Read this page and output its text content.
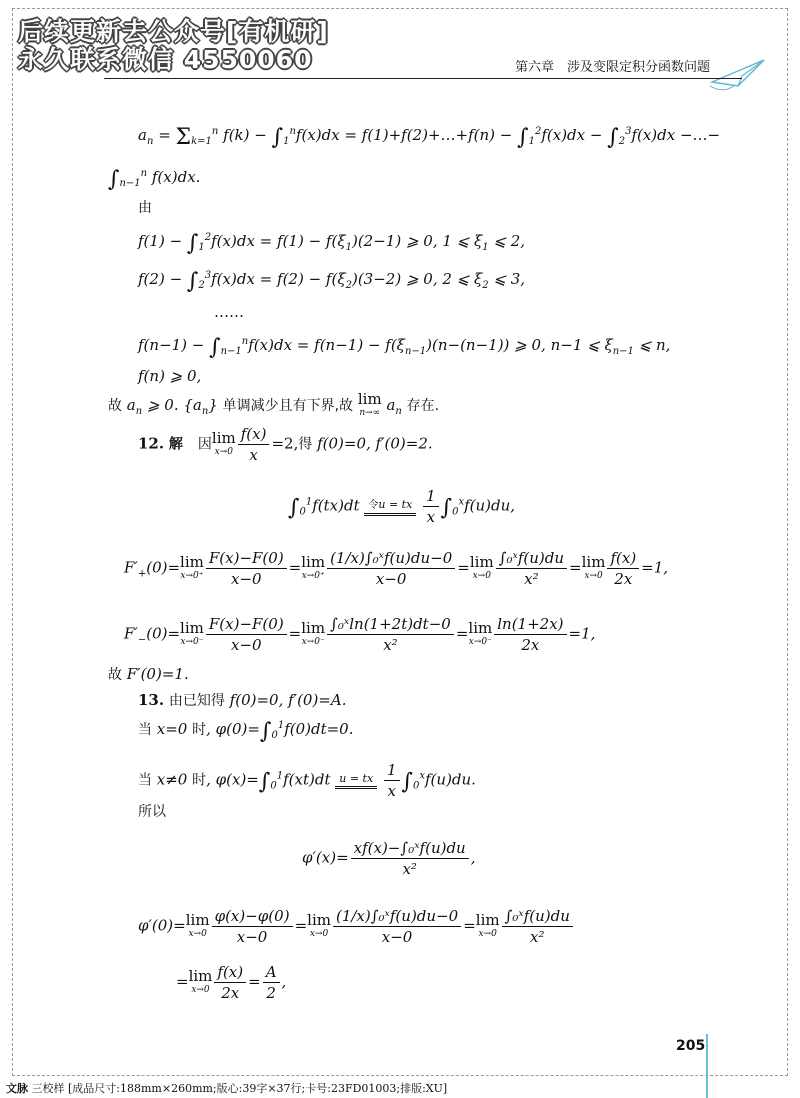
后续更新去公众号[有机研]
永久联系微信 4550060	第六章　涉及变限定积分函数问题
$a_n = \Sigma_{k=1}^n$ $f(k) - \int_1^nf(x)dx$ = f(1)+f(2)+…+f(n) − $\int_1^2f(x)dx - \int_2^3f(x)dx$ −…−
$\int_{n-1}^n$ f(x)dx.
由
$f(1) - \int_1^2f(x)dx = f(1) - f(\xi_1)(2-1)$ ⩾ 0, 1 ⩽ $\xi_1$ ⩽ 2,
$f(2) - \int_2^3f(x)dx = f(2) - f(\xi_2)(3-2)$ ⩾ 0, 2 ⩽ $\xi_2$ ⩽ 3,
……
$f(n-1) - \int_{n-1}^nf(x)dx = f(n-1) - f(\xi_{n-1})(n-(n-1))$ ⩾ 0, n−1 ⩽ $\xi_{n-1}$ ⩽ n,
f(n) ⩾ 0,
故 $a_n$ ⩾ 0. $\{a_n\}$ 单调减少且有下界,故 lim
n→∞ $a_n$ 存在.
12. 解　 因lim
$x\to 0 \frac{f(x)}{x} =2$,得 f(0)=0, f′(0)=2.
$\int_0^1f(tx)dt$ 令u = tx
$\frac{1}{x} \int_0^xf(u)du$,
$F'_+(0)=\lim$
$x\to 0^+ \frac{F(x)-F(0)}{x-0} =\lim$
$x\to 0^+ \frac{\text{(1/x)∫₀ˣf(u)du−0}}{x-0} =\lim$
$x\to 0 \frac{\text{∫₀ˣf(u)du}}{\text{x²}} =\lim$
$x\to 0 \frac{f(x)}{2x} =1$,
$F'_-(0)=\lim$
$x\to 0^- \frac{F(x)-F(0)}{x-0} =\lim$
$x\to 0^- \frac{\text{∫₀ˣln(1+2t)dt−0}}{\text{x²}} =\lim$
$x\to 0^- \frac{\ln(1+2x)}{2x} =1$,
故 F′(0)=1.
13. 由已知得 f(0)=0, f′(0)=A.
当 x=0 时, $\varphi(0)=\int_0^1f(0)dt=0$.
当 x≠0 时, $\varphi(x)=\int_0^1f(xt)dt$ u = tx
$\frac{1}{x} \int_0^xf(u)du$.
所以
$\varphi'(x)= \frac{\text{xf(x)−∫₀ˣf(u)du}}{\text{x²}}$ ,
φ′(0)=lim
$x\to 0 \frac{\varphi(x)-\varphi(0)}{x-0} =\lim$
$x\to 0 \frac{\text{(1/x)∫₀ˣf(u)du−0}}{x-0} =\lim$
$x\to 0 \frac{\text{∫₀ˣf(u)du}}{\text{x²}}$
=lim
$x\to 0 \frac{f(x)}{2x} = \frac{A}{2}$ ,
205
文脉 三校样 [成品尺寸:188mm×260mm;版心:39字×37行;卡号:23FD01003;排版:XU]
